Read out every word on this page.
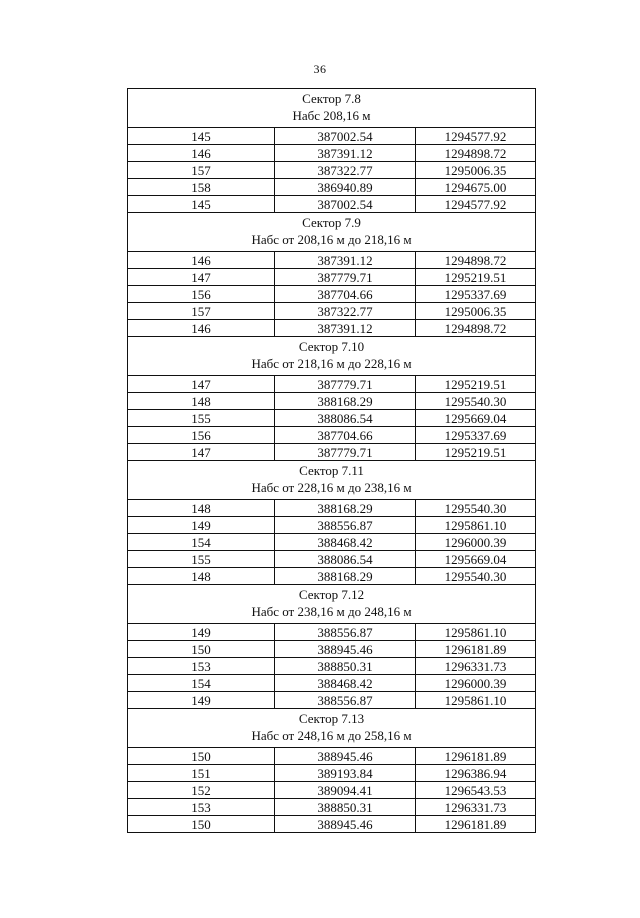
36
Сектор 7.8
Набс 208,16 м		

145	387002.54	1294577.92
146	387391.12	1294898.72
157	387322.77	1295006.35
158	386940.89	1294675.00
145	387002.54	1294577.92

Сектор 7.9
Набс от 208,16 м до 218,16 м		

146	387391.12	1294898.72
147	387779.71	1295219.51
156	387704.66	1295337.69
157	387322.77	1295006.35
146	387391.12	1294898.72

Сектор 7.10
Набс от 218,16 м до 228,16 м		

147	387779.71	1295219.51
148	388168.29	1295540.30
155	388086.54	1295669.04
156	387704.66	1295337.69
147	387779.71	1295219.51

Сектор 7.11
Набс от 228,16 м до 238,16 м		

148	388168.29	1295540.30
149	388556.87	1295861.10
154	388468.42	1296000.39
155	388086.54	1295669.04
148	388168.29	1295540.30

Сектор 7.12
Набс от 238,16 м до 248,16 м		

149	388556.87	1295861.10
150	388945.46	1296181.89
153	388850.31	1296331.73
154	388468.42	1296000.39
149	388556.87	1295861.10

Сектор 7.13
Набс от 248,16 м до 258,16 м		

150	388945.46	1296181.89
151	389193.84	1296386.94
152	389094.41	1296543.53
153	388850.31	1296331.73
150	388945.46	1296181.89
